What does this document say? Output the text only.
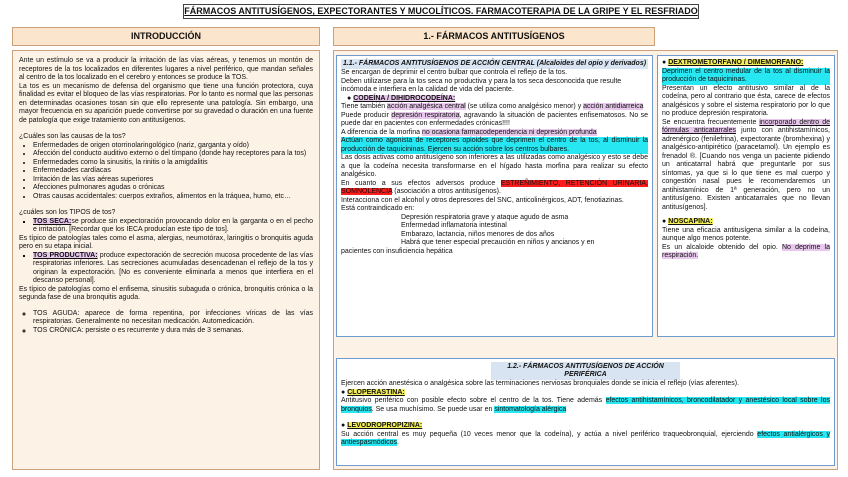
FÁRMACOS ANTITUSÍGENOS, EXPECTORANTES Y MUCOLÍTICOS. FARMACOTERAPIA DE LA GRIPE Y EL RESFRIADO
INTRODUCCIÓN

Ante un estímulo se va a producir la irritación de las vías aéreas, y tenemos un montón de receptores de la tos localizados en diferentes lugares a nivel periférico, que mandan señales al centro de la tos localizado en el cerebro y entonces se produce la TOS.

La tos es un mecanismo de defensa del organismo que tiene una función protectora, cuya finalidad es evitar el bloqueo de las vías respiratorias. Por lo tanto es normal que las personas en determinadas ocasiones tosan sin que ello represente una patología. Sin embargo, una mayor frecuencia en su aparición puede convertirse por su gravedad o duración en una fuente de patología que exige tratamiento con antitusígenos.

¿Cuáles son las causas de la tos?

• Enfermedades de origen otorrinolaringológico (nariz, garganta y oído)
• Afección del conducto auditivo externo o del tímpano (donde hay receptores para la tos)
• Enfermedades como la sinusitis, la rinitis o la amigdalitis
• Enfermedades cardíacas
• Irritación de las vías aéreas superiores
• Afecciones pulmonares agudas o crónicas
• Otras causas accidentales: cuerpos extraños, alimentos en la tráquea, humo, etc…

¿cuáles son los TIPOS de tos?

▪ TOS SECA:se produce sin expectoración provocando dolor en la garganta o en el pecho e irritación. [Recordar que los IECA producían este tipo de tos].

Es típico de patologías tales como el asma, alergias, neumotórax, laringitis o bronquitis aguda pero en su etapa inicial.

▪ TOS PRODUCTIVA: produce expectoración de secreción mucosa procedente de las vías respiratorias inferiores. Las secreciones acumuladas desencadenan el reflejo de la tos y originan la expectoración. [No es conveniente eliminarla a menos que interfiera en el descanso personal].

Es típico de patologías como el enfisema, sinusitis subaguda o crónica, bronquitis crónica o la segunda fase de una bronquitis aguda.

◦ TOS AGUDA: aparece de forma repentina, por infecciones víricas de las vías respiratorias. Generalmente no necesitan medicación. Automedicación.
◦ TOS CRÓNICA: persiste o es recurrente y dura más de 3 semanas.
1.- FÁRMACOS ANTITUSÍGENOS
1.1.- FÁRMACOS ANTITUSÍGENOS DE ACCIÓN CENTRAL (Alcaloides del opio y derivados)

Se encargan de deprimir el centro bulbar que controla el reflejo de la tos.

Deben utilizarse para la tos seca no productiva y para la tos seca desconocida que resulte incómoda e interfiera en la calidad de vida del paciente.

● CODEÍNA / DIHIDROCODEÍNA:

Tiene también acción analgésica central (se utiliza como analgésico menor) y acción antidiarreica

Puede producir depresión respiratoria, agravando la situación de pacientes enfisematosos. No se puede dar en pacientes con enfermedades crónicas!!!!

A diferencia de la morfina no ocasiona farmacodependencia ni depresión profunda

Actúan como agonista de receptores opioides que deprimen el centro de la tos, al disminuir la producción de taquicininas. Ejercen su acción sobre los centros bulbares.

Las dosis activas como antitusígeno son inferiores a las utilizadas como analgésico y esto se debe a que la codeína necesita transformarse en el hígado hasta morfina para realizar su efecto analgésico.

En cuanto a sus efectos adversos produce ESTREÑIMIENTO, RETENCIÓN URINARIA, SOMNOLENCIA (asociación a otros antitusígenos).

Interacciona con el alcohol y otros depresores del SNC, anticolinérgicos, ADT, fenotiazinas.

Está contraindicado en:

Depresión respiratoria grave y ataque agudo de asma

Enfermedad inflamatoria intestinal

Embarazo, lactancia, niños menores de dos años

Habrá que tener especial precaución en niños y ancianos y en

pacientes con insuficiencia hepática

● DEXTROMETORFANO / DIMEMORFANO:

Deprimen el centro medular de la tos al disminuir la producción de taquicininas.

Presentan un efecto antitusivo similar al de la codeína, pero al contrario que ésta, carece de efectos analgésicos y sobre el sistema respiratorio por lo que no produce depresión respiratoria.

Se encuentra frecuentemente incorporado dentro de fórmulas anticatarrales junto con antihistamínicos, adrenérgico (fenilefrina), expectorante (bromhexina) y analgésico-antipirético (paracetamol). Un ejemplo es frenadol ®. [Cuando nos venga un paciente pidiendo un anticatarral habrá que preguntarle por sus síntomas, ya que si lo que tiene es mal cuerpo y congestión nasal pues le recomendaremos un antihistamínico de 1ª generación, pero no un antitusígeno. Existen anticatarrales que no llevan antitusígenos].

● NOSCAPINA:

Tiene una eficacia antitusígena similar a la codeína, aunque algo menos potente.

Es un alcaloide obtenido del opio. No deprime la respiración.

1.2.- FÁRMACOS ANTITUSÍGENOS DE ACCIÓN PERIFÉRICA

Ejercen acción anestésica o analgésica sobre las terminaciones nerviosas bronquiales donde se inicia el reflejo (vías aferentes).

● CLOPERASTINA:

Antitusivo periférico con posible efecto sobre el centro de la tos. Tiene además efectos antihistamínicos, broncodilatador y anestésico local sobre los bronquios. Se usa muchísimo. Se puede usar en sintomatología alérgica

● LEVODROPROPIZINA:

Su acción central es muy pequeña (10 veces menor que la codeína), y actúa a nivel periférico traqueobronquial, ejerciendo efectos antialérgicos y antiespasmódicos.
